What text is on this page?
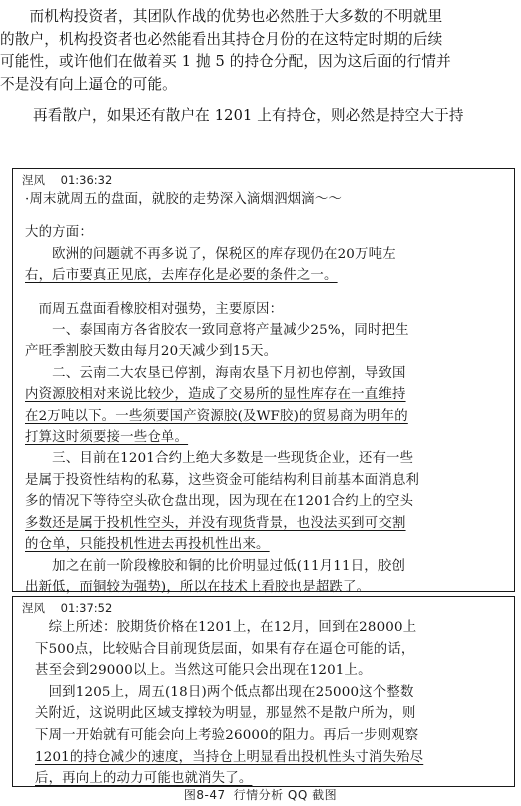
　　而机构投资者，其团队作战的优势也必然胜于大多数的不明就里

的散户，机构投资者也必然能看出其持仓月份的在这特定时期的后续

可能性，或许他们在做着买 1 抛 5 的持仓分配，因为这后面的行情并

不是没有向上逼仓的可能。

再看散户，如果还有散户在 1201 上有持仓，则必然是持空大于持

涅风 01:36:32

·周末就周五的盘面，就胶的走势深入滴烟泗烟滴～～

大的方面：

　　欧洲的问题就不再多说了，保税区的库存现仍在20万吨左

右，后市要真正见底，去库存化是必要的条件之一。

　而周五盘面看橡胶相对强势，主要原因：

　　一、泰国南方各省胶农一致同意将产量减少25%，同时把生

产旺季割胶天数由每月20天减少到15天。

　　二、云南二大农垦已停割，海南农垦下月初也停割，导致国

内资源胶相对来说比较少，造成了交易所的显性库存在一直维持

在2万吨以下。一些须要国产资源胶(及WF胶)的贸易商为明年的

打算这时须要接一些仓单。

　　三、目前在1201合约上绝大多数是一些现货企业，还有一些

是属于投资性结构的私募，这些资金可能结构利目前基本面消息利

多的情况下等待空头砍仓盘出现，因为现在在1201合约上的空头

多数还是属于投机性空头，并没有现货背景，也没法买到可交割

的仓单，只能投机性进去再投机性出来。

　　加之在前一阶段橡胶和铜的比价明显过低(11月11日，胶创

出新低，而铜较为强势)，所以在技术上看胶也是超跌了。

涅风 01:37:52

　综上所述：胶期货价格在1201上，在12月，回到在28000上

下500点，比较贴合目前现货层面，如果有存在逼仓可能的话，

甚至会到29000以上。当然这可能只会出现在1201上。

　回到1205上，周五(18日)两个低点都出现在25000这个整数

关附近，这说明此区域支撑较为明显，那显然不是散户所为，则

下周一开始就有可能会向上考验26000的阻力。再后一步则观察

1201的持仓减少的速度，当持仓上明显看出投机性头寸消失殆尽

后，再向上的动力可能也就消失了。

图8-47 行情分析 QQ 截图
